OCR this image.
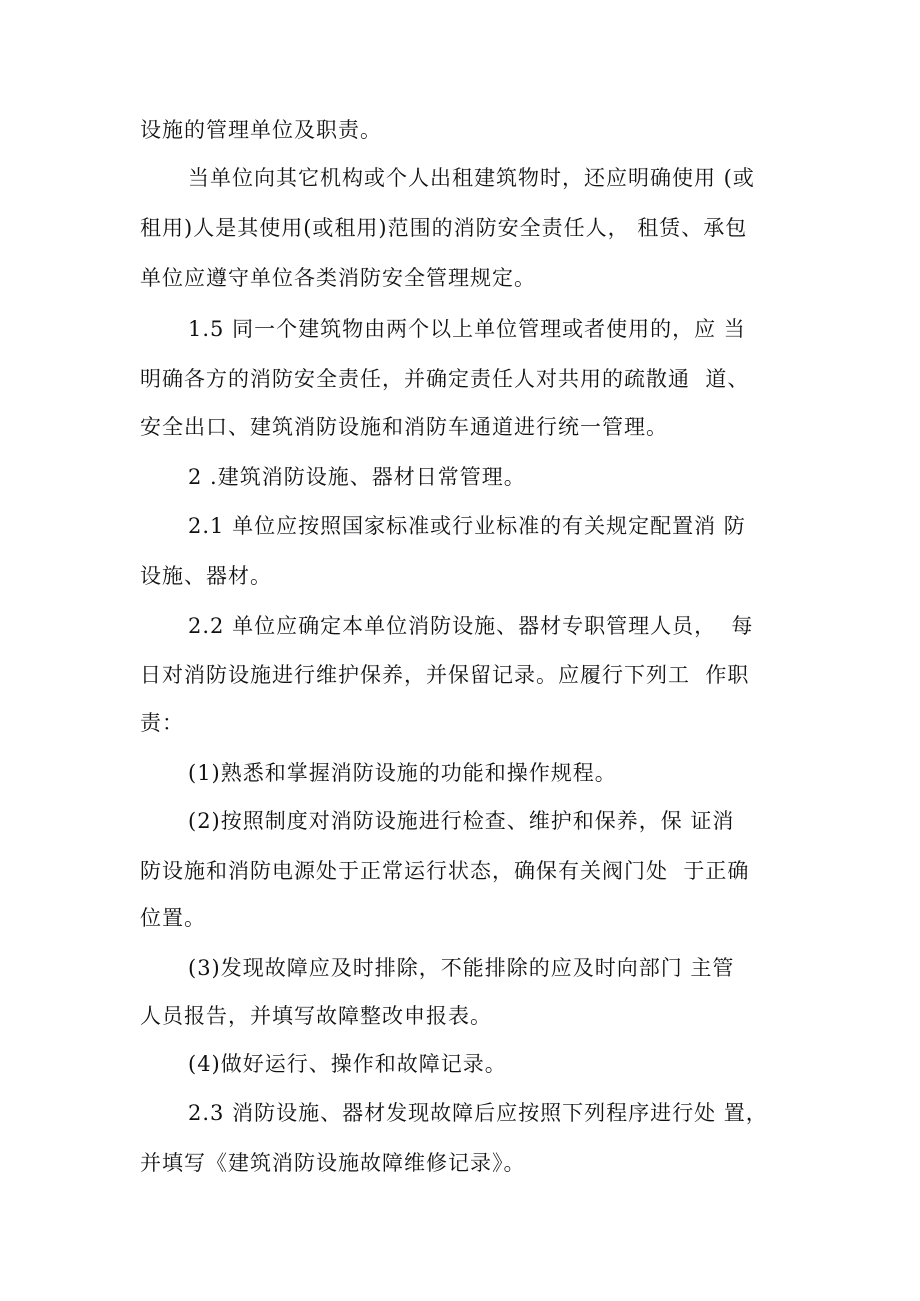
设施的管理单位及职责。

当单位向其它机构或个人出租建筑物时，还应明确使用 (或

租用)人是其使用(或租用)范围的消防安全责任人， 租赁、承包

单位应遵守单位各类消防安全管理规定。

1.5 同一个建筑物由两个以上单位管理或者使用的，应 当

明确各方的消防安全责任，并确定责任人对共用的疏散通  道、

安全出口、建筑消防设施和消防车通道进行统一管理。

2 .建筑消防设施、器材日常管理。

2.1 单位应按照国家标准或行业标准的有关规定配置消 防

设施、器材。

2.2 单位应确定本单位消防设施、器材专职管理人员，  每

日对消防设施进行维护保养，并保留记录。应履行下列工  作职

责：

(1)熟悉和掌握消防设施的功能和操作规程。

(2)按照制度对消防设施进行检查、维护和保养，保 证消

防设施和消防电源处于正常运行状态，确保有关阀门处  于正确

位置。

(3)发现故障应及时排除，不能排除的应及时向部门 主管

人员报告，并填写故障整改申报表。

(4)做好运行、操作和故障记录。

2.3 消防设施、器材发现故障后应按照下列程序进行处 置，

并填写《建筑消防设施故障维修记录》。
